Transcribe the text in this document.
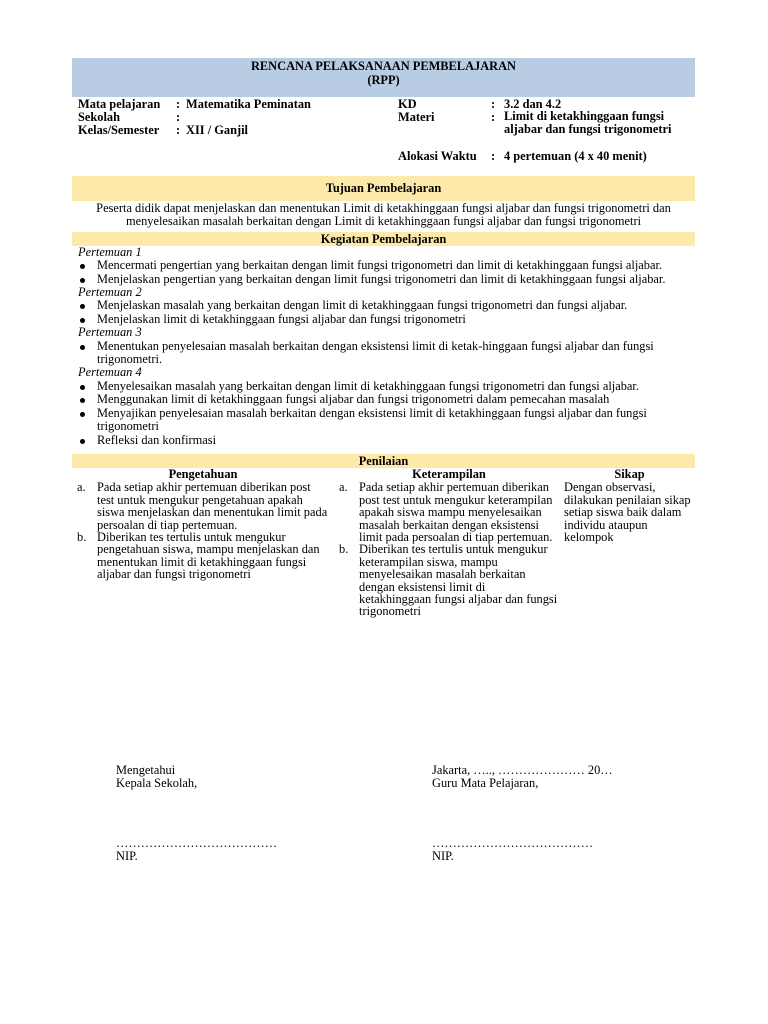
RENCANA PELAKSANAAN PEMBELAJARAN
(RPP)
Mata pelajaran : Matematika Peminatan
Sekolah	:
Kelas/Semester : XII / Ganjil
KD	: 3.2 dan 4.2
Materi	: Limit di ketakhinggaan fungsi aljabar dan fungsi trigonometri
Alokasi Waktu : 4 pertemuan (4 x 40 menit)
Tujuan Pembelajaran
Peserta didik dapat menjelaskan dan menentukan Limit di ketakhinggaan fungsi aljabar dan fungsi trigonometri dan menyelesaikan masalah berkaitan dengan Limit di ketakhinggaan fungsi aljabar dan fungsi trigonometri
Kegiatan Pembelajaran
Pertemuan 1
Mencermati pengertian yang berkaitan dengan limit fungsi trigonometri dan limit di ketakhinggaan fungsi aljabar.
Menjelaskan pengertian yang berkaitan dengan limit fungsi trigonometri dan limit di ketakhinggaan fungsi aljabar.
Pertemuan 2
Menjelaskan masalah yang berkaitan dengan limit di ketakhinggaan fungsi trigonometri dan fungsi aljabar.
Menjelaskan limit di ketakhinggaan fungsi aljabar dan fungsi trigonometri
Pertemuan 3
Menentukan penyelesaian masalah berkaitan dengan eksistensi limit di ketak-hinggaan fungsi aljabar dan fungsi trigonometri.
Pertemuan 4
Menyelesaikan masalah yang berkaitan dengan limit di ketakhinggaan fungsi trigonometri dan fungsi aljabar.
Menggunakan limit di ketakhinggaan fungsi aljabar dan fungsi trigonometri dalam pemecahan masalah
Menyajikan penyelesaian masalah berkaitan dengan eksistensi limit di ketakhinggaan fungsi aljabar dan fungsi trigonometri
Refleksi dan konfirmasi
Penilaian
Pengetahuan
a. Pada setiap akhir pertemuan diberikan post test untuk mengukur pengetahuan apakah siswa menjelaskan dan menentukan limit pada persoalan di tiap pertemuan.
b. Diberikan tes tertulis untuk mengukur pengetahuan siswa, mampu menjelaskan dan menentukan limit di ketakhinggaan fungsi aljabar dan fungsi trigonometri
Keterampilan
a. Pada setiap akhir pertemuan diberikan post test untuk mengukur keterampilan apakah siswa mampu menyelesaikan masalah berkaitan dengan eksistensi limit pada persoalan di tiap pertemuan.
b. Diberikan tes tertulis untuk mengukur keterampilan siswa, mampu menyelesaikan masalah berkaitan dengan eksistensi limit di ketakhinggaan fungsi aljabar dan fungsi trigonometri
Sikap
Dengan observasi, dilakukan penilaian sikap setiap siswa baik dalam individu ataupun kelompok
Mengetahui
Kepala Sekolah,
…………………………………
NIP.
Jakarta, ….., ………………… 20…
Guru Mata Pelajaran,
…………………………………
NIP.
